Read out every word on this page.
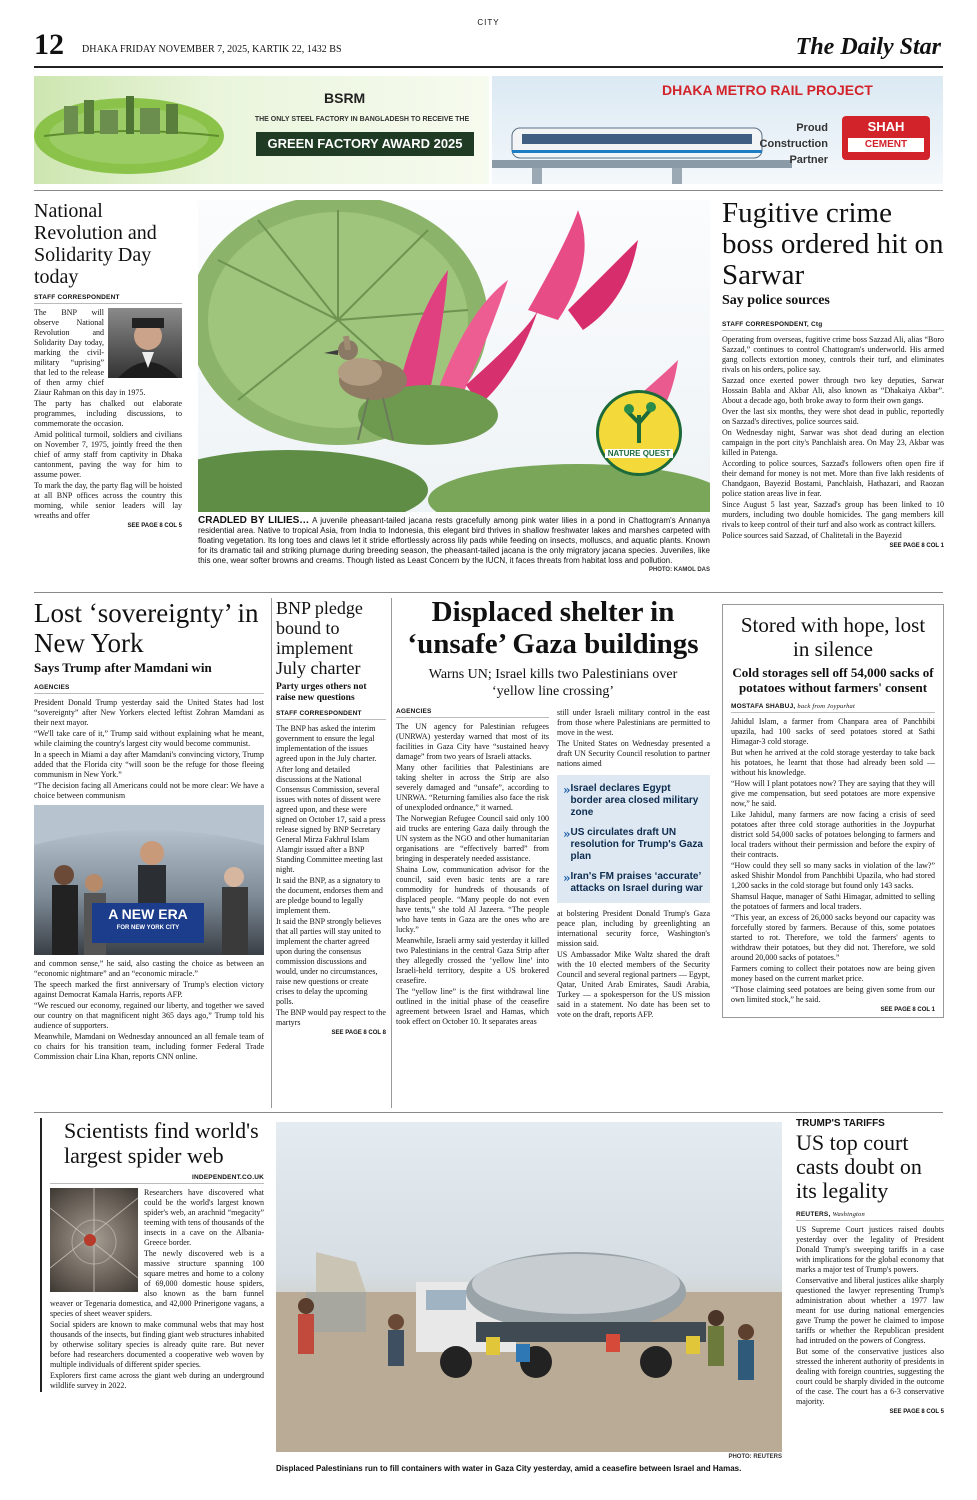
CITY
12 DHAKA FRIDAY NOVEMBER 7, 2025, KARTIK 22, 1432 BS	The Daily Star
BSRM
THE ONLY STEEL FACTORY IN BANGLADESH TO RECEIVE THE
GREEN FACTORY AWARD 2025
DHAKA METRO RAIL PROJECT
Proud
Construction
Partner
SHAH
CEMENT
National Revolution and Solidarity Day today
STAFF CORRESPONDENT

The BNP will observe National Revolution and Solidarity Day today, marking the civil-military “uprising” that led to the release of then army chief Ziaur Rahman on this day in 1975.

The party has chalked out elaborate programmes, including discussions, to commemorate the occasion.

Amid political turmoil, soldiers and civilians on November 7, 1975, jointly freed the then chief of army staff from captivity in Dhaka cantonment, paving the way for him to assume power.

To mark the day, the party flag will be hoisted at all BNP offices across the country this morning, while senior leaders will lay wreaths and offer

SEE PAGE 8 COL 5
NATURE QUEST

CRADLED BY LILIES… A juvenile pheasant-tailed jacana rests gracefully among pink water lilies in a pond in Chattogram's Annanya residential area. Native to tropical Asia, from India to Indonesia, this elegant bird thrives in shallow freshwater lakes and marshes carpeted with floating vegetation. Its long toes and claws let it stride effortlessly across lily pads while feeding on insects, molluscs, and aquatic plants. Known for its dramatic tail and striking plumage during breeding season, the pheasant-tailed jacana is the only migratory jacana species. Juveniles, like this one, wear softer browns and creams. Though listed as Least Concern by the IUCN, it faces threats from habitat loss and pollution.

PHOTO: KAMOL DAS
Fugitive crime boss ordered hit on Sarwar
Say police sources
STAFF CORRESPONDENT, Ctg

Operating from overseas, fugitive crime boss Sazzad Ali, alias “Boro Sazzad,” continues to control Chattogram's underworld. His armed gang collects extortion money, controls their turf, and eliminates rivals on his orders, police say.

Sazzad once exerted power through two key deputies, Sarwar Hossain Babla and Akbar Ali, also known as “Dhakaiya Akbar”. About a decade ago, both broke away to form their own gangs.

Over the last six months, they were shot dead in public, reportedly on Sazzad's directives, police sources said.

On Wednesday night, Sarwar was shot dead during an election campaign in the port city's Panchlaish area. On May 23, Akbar was killed in Patenga.

According to police sources, Sazzad's followers often open fire if their demand for money is not met. More than five lakh residents of Chandgaon, Bayezid Bostami, Panchlaish, Hathazari, and Raozan police station areas live in fear.

Since August 5 last year, Sazzad's group has been linked to 10 murders, including two double homicides. The gang members kill rivals to keep control of their turf and also work as contract killers.

Police sources said Sazzad, of Chalitetali in the Bayezid

SEE PAGE 8 COL 1
Lost ‘sovereignty’ in New York
Says Trump after Mamdani win
AGENCIES

President Donald Trump yesterday said the United States had lost “sovereignty” after New Yorkers elected leftist Zohran Mamdani as their next mayor.

“We'll take care of it,” Trump said without explaining what he meant, while claiming the country's largest city would become communist.

In a speech in Miami a day after Mamdani's convincing victory, Trump added that the Florida city “will soon be the refuge for those fleeing communism in New York.”

“The decision facing all Americans could not be more clear: We have a choice between communism

A NEW ERA
FOR NEW YORK CITY

and common sense,” he said, also casting the choice as between an “economic nightmare” and an “economic miracle.”

The speech marked the first anniversary of Trump's election victory against Democrat Kamala Harris, reports AFP.

“We rescued our economy, regained our liberty, and together we saved our country on that magnificent night 365 days ago,” Trump told his audience of supporters.

Meanwhile, Mamdani on Wednesday announced an all female team of co chairs for his transition team, including former Federal Trade Commission chair Lina Khan, reports CNN online.

BNP pledge bound to implement July charter
Party urges others not raise new questions
STAFF CORRESPONDENT

The BNP has asked the interim government to ensure the legal implementation of the issues agreed upon in the July charter.

After long and detailed discussions at the National Consensus Commission, several issues with notes of dissent were agreed upon, and these were signed on October 17, said a press release signed by BNP Secretary General Mirza Fakhrul Islam Alamgir issued after a BNP Standing Committee meeting last night.

It said the BNP, as a signatory to the document, endorses them and are pledge bound to legally implement them.

It said the BNP strongly believes that all parties will stay united to implement the charter agreed upon during the consensus commission discussions and would, under no circumstances, raise new questions or create crises to delay the upcoming polls.

The BNP would pay respect to the martyrs

SEE PAGE 8 COL 8
Displaced shelter in ‘unsafe’ Gaza buildings
Warns UN; Israel kills two Palestinians over ‘yellow line crossing’
AGENCIES

The UN agency for Palestinian refugees (UNRWA) yesterday warned that most of its facilities in Gaza City have “sustained heavy damage” from two years of Israeli attacks.

Many other facilities that Palestinians are taking shelter in across the Strip are also severely damaged and “unsafe”, according to UNRWA. “Returning families also face the risk of unexploded ordnance,” it warned.

The Norwegian Refugee Council said only 100 aid trucks are entering Gaza daily through the UN system as the NGO and other humanitarian organisations are “effectively barred” from bringing in desperately needed assistance.

Shaina Low, communication advisor for the council, said even basic tents are a rare commodity for hundreds of thousands of displaced people. “Many people do not even have tents,” she told Al Jazeera. “The people who have tents in Gaza are the ones who are lucky.”

Meanwhile, Israeli army said yesterday it killed two Palestinians in the central Gaza Strip after they allegedly crossed the ‘yellow line’ into Israeli-held territory, despite a US brokered ceasefire.

The “yellow line” is the first withdrawal line outlined in the initial phase of the ceasefire agreement between Israel and Hamas, which took effect on October 10. It separates areas

still under Israeli military control in the east from those where Palestinians are permitted to move in the west.

The United States on Wednesday presented a draft UN Security Council resolution to partner nations aimed

» Israel declares Egypt border area closed military zone
» US circulates draft UN resolution for Trump's Gaza plan
» Iran's FM praises ‘accurate’ attacks on Israel during war

at bolstering President Donald Trump's Gaza peace plan, including by greenlighting an international security force, Washington's mission said.

US Ambassador Mike Waltz shared the draft with the 10 elected members of the Security Council and several regional partners — Egypt, Qatar, United Arab Emirates, Saudi Arabia, Turkey — a spokesperson for the US mission said in a statement. No date has been set to vote on the draft, reports AFP.

Stored with hope, lost in silence
Cold storages sell off 54,000 sacks of potatoes without farmers' consent
MOSTAFA SHABUJ, back from Joypurhat

Jahidul Islam, a farmer from Chanpara area of Panchbibi upazila, had 100 sacks of seed potatoes stored at Sathi Himagar-3 cold storage.

But when he arrived at the cold storage yesterday to take back his potatoes, he learnt that those had already been sold — without his knowledge.

“How will I plant potatoes now? They are saying that they will give me compensation, but seed potatoes are more expensive now,” he said.

Like Jahidul, many farmers are now facing a crisis of seed potatoes after three cold storage authorities in the Joypurhat district sold 54,000 sacks of potatoes belonging to farmers and local traders without their permission and before the expiry of their contracts.

“How could they sell so many sacks in violation of the law?” asked Shishir Mondol from Panchbibi Upazila, who had stored 1,200 sacks in the cold storage but found only 143 sacks.

Shamsul Haque, manager of Sathi Himagar, admitted to selling the potatoes of farmers and local traders.

“This year, an excess of 26,000 sacks beyond our capacity was forcefully stored by farmers. Because of this, some potatoes started to rot. Therefore, we told the farmers' agents to withdraw their potatoes, but they did not. Therefore, we sold around 20,000 sacks of potatoes.”

Farmers coming to collect their potatoes now are being given money based on the current market price.

“Those claiming seed potatoes are being given some from our own limited stock,” he said.

SEE PAGE 8 COL 1
Scientists find world's largest spider web
INDEPENDENT.CO.UK

Researchers have discovered what could be the world's largest known spider's web, an arachnid “megacity” teeming with tens of thousands of the insects in a cave on the Albania-Greece border.

The newly discovered web is a massive structure spanning 100 square metres and home to a colony of 69,000 domestic house spiders, also known as the barn funnel weaver or Tegenaria domestica, and 42,000 Prinerigone vagans, a species of sheet weaver spiders.

Social spiders are known to make communal webs that may host thousands of the insects, but finding giant web structures inhabited by otherwise solitary species is already quite rare. But never before had researchers documented a cooperative web woven by multiple individuals of different spider species.

Explorers first came across the giant web during an underground wildlife survey in 2022.

PHOTO: REUTERS
Displaced Palestinians run to fill containers with water in Gaza City yesterday, amid a ceasefire between Israel and Hamas.
TRUMP'S TARIFFS
US top court casts doubt on its legality
REUTERS, Washington

US Supreme Court justices raised doubts yesterday over the legality of President Donald Trump's sweeping tariffs in a case with implications for the global economy that marks a major test of Trump's powers.

Conservative and liberal justices alike sharply questioned the lawyer representing Trump's administration about whether a 1977 law meant for use during national emergencies gave Trump the power he claimed to impose tariffs or whether the Republican president had intruded on the powers of Congress.

But some of the conservative justices also stressed the inherent authority of presidents in dealing with foreign countries, suggesting the court could be sharply divided in the outcome of the case. The court has a 6-3 conservative majority.

SEE PAGE 8 COL 5
